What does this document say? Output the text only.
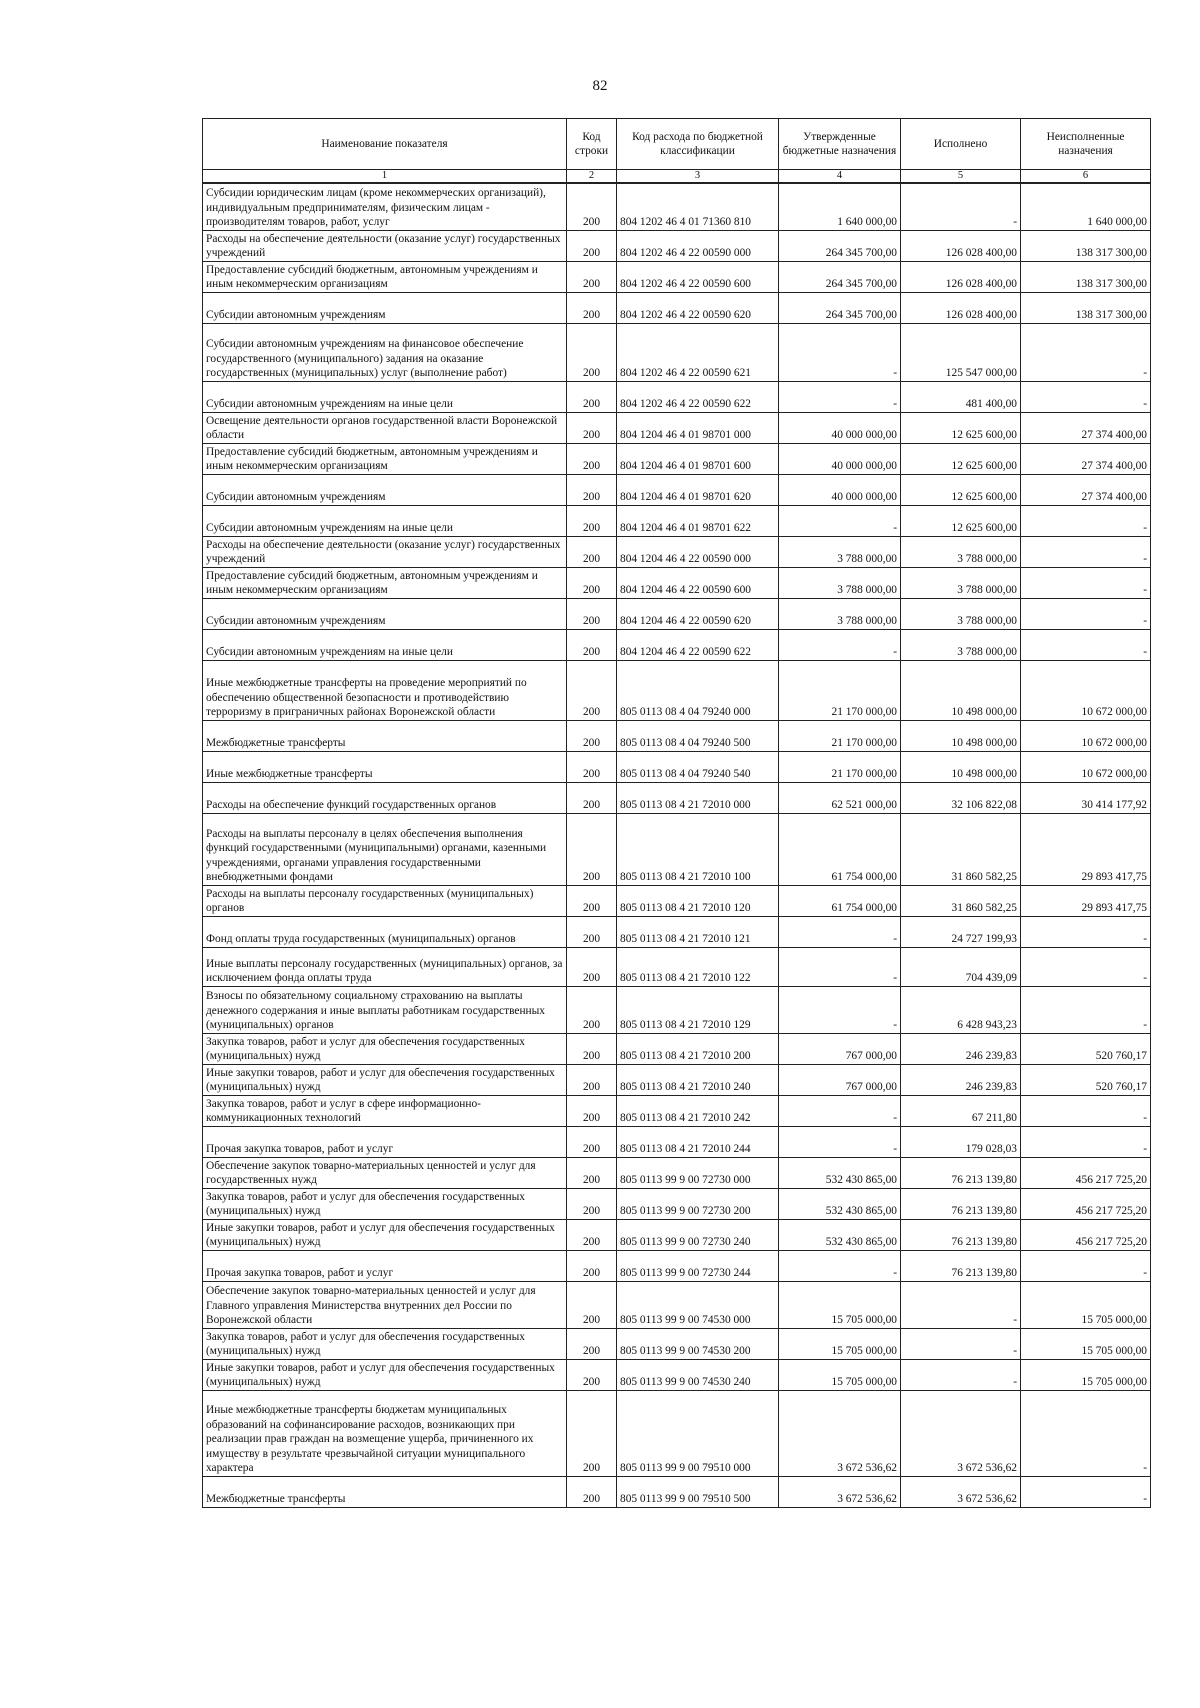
82
Наименование показателя	Код строки	Код расхода по бюджетной классификации	Утвержденные бюджетные назначения	Исполнено	Неисполненные назначения
1	2	3	4	5	6
Субсидии юридическим лицам (кроме некоммерческих организаций), индивидуальным предпринимателям, физическим лицам - производителям товаров, работ, услуг	200	804 1202 46 4 01 71360 810	1 640 000,00	-	1 640 000,00
Расходы на обеспечение деятельности (оказание услуг) государственных учреждений	200	804 1202 46 4 22 00590 000	264 345 700,00	126 028 400,00	138 317 300,00
Предоставление субсидий бюджетным, автономным учреждениям и иным некоммерческим организациям	200	804 1202 46 4 22 00590 600	264 345 700,00	126 028 400,00	138 317 300,00
Субсидии автономным учреждениям	200	804 1202 46 4 22 00590 620	264 345 700,00	126 028 400,00	138 317 300,00
Субсидии автономным учреждениям на финансовое обеспечение государственного (муниципального) задания на оказание государственных (муниципальных) услуг (выполнение работ)	200	804 1202 46 4 22 00590 621	-	125 547 000,00	-
Субсидии автономным учреждениям на иные цели	200	804 1202 46 4 22 00590 622	-	481 400,00	-
Освещение деятельности органов государственной власти Воронежской области	200	804 1204 46 4 01 98701 000	40 000 000,00	12 625 600,00	27 374 400,00
Предоставление субсидий бюджетным, автономным учреждениям и иным некоммерческим организациям	200	804 1204 46 4 01 98701 600	40 000 000,00	12 625 600,00	27 374 400,00
Субсидии автономным учреждениям	200	804 1204 46 4 01 98701 620	40 000 000,00	12 625 600,00	27 374 400,00
Субсидии автономным учреждениям на иные цели	200	804 1204 46 4 01 98701 622	-	12 625 600,00	-
Расходы на обеспечение деятельности (оказание услуг) государственных учреждений	200	804 1204 46 4 22 00590 000	3 788 000,00	3 788 000,00	-
Предоставление субсидий бюджетным, автономным учреждениям и иным некоммерческим организациям	200	804 1204 46 4 22 00590 600	3 788 000,00	3 788 000,00	-
Субсидии автономным учреждениям	200	804 1204 46 4 22 00590 620	3 788 000,00	3 788 000,00	-
Субсидии автономным учреждениям на иные цели	200	804 1204 46 4 22 00590 622	-	3 788 000,00	-
Иные межбюджетные трансферты на проведение мероприятий по обеспечению общественной безопасности и противодействию терроризму в приграничных районах Воронежской области	200	805 0113 08 4 04 79240 000	21 170 000,00	10 498 000,00	10 672 000,00
Межбюджетные трансферты	200	805 0113 08 4 04 79240 500	21 170 000,00	10 498 000,00	10 672 000,00
Иные межбюджетные трансферты	200	805 0113 08 4 04 79240 540	21 170 000,00	10 498 000,00	10 672 000,00
Расходы на обеспечение функций государственных органов	200	805 0113 08 4 21 72010 000	62 521 000,00	32 106 822,08	30 414 177,92
Расходы на выплаты персоналу в целях обеспечения выполнения функций государственными (муниципальными) органами, казенными учреждениями, органами управления государственными внебюджетными фондами	200	805 0113 08 4 21 72010 100	61 754 000,00	31 860 582,25	29 893 417,75
Расходы на выплаты персоналу государственных (муниципальных) органов	200	805 0113 08 4 21 72010 120	61 754 000,00	31 860 582,25	29 893 417,75
Фонд оплаты труда государственных (муниципальных) органов	200	805 0113 08 4 21 72010 121	-	24 727 199,93	-
Иные выплаты персоналу государственных (муниципальных) органов, за исключением фонда оплаты труда	200	805 0113 08 4 21 72010 122	-	704 439,09	-
Взносы по обязательному социальному страхованию на выплаты денежного содержания и иные выплаты работникам государственных (муниципальных) органов	200	805 0113 08 4 21 72010 129	-	6 428 943,23	-
Закупка товаров, работ и услуг для обеспечения государственных (муниципальных) нужд	200	805 0113 08 4 21 72010 200	767 000,00	246 239,83	520 760,17
Иные закупки товаров, работ и услуг для обеспечения государственных (муниципальных) нужд	200	805 0113 08 4 21 72010 240	767 000,00	246 239,83	520 760,17
Закупка товаров, работ и услуг в сфере информационно-коммуникационных технологий	200	805 0113 08 4 21 72010 242	-	67 211,80	-
Прочая закупка товаров, работ и услуг	200	805 0113 08 4 21 72010 244	-	179 028,03	-
Обеспечение закупок товарно-материальных ценностей и услуг для государственных нужд	200	805 0113 99 9 00 72730 000	532 430 865,00	76 213 139,80	456 217 725,20
Закупка товаров, работ и услуг для обеспечения государственных (муниципальных) нужд	200	805 0113 99 9 00 72730 200	532 430 865,00	76 213 139,80	456 217 725,20
Иные закупки товаров, работ и услуг для обеспечения государственных (муниципальных) нужд	200	805 0113 99 9 00 72730 240	532 430 865,00	76 213 139,80	456 217 725,20
Прочая закупка товаров, работ и услуг	200	805 0113 99 9 00 72730 244	-	76 213 139,80	-
Обеспечение закупок товарно-материальных ценностей и услуг для Главного управления Министерства внутренних дел России по Воронежской области	200	805 0113 99 9 00 74530 000	15 705 000,00	-	15 705 000,00
Закупка товаров, работ и услуг для обеспечения государственных (муниципальных) нужд	200	805 0113 99 9 00 74530 200	15 705 000,00	-	15 705 000,00
Иные закупки товаров, работ и услуг для обеспечения государственных (муниципальных) нужд	200	805 0113 99 9 00 74530 240	15 705 000,00	-	15 705 000,00
Иные межбюджетные трансферты бюджетам муниципальных образований на софинансирование расходов, возникающих при реализации прав граждан на возмещение ущерба, причиненного их имуществу в результате чрезвычайной ситуации муниципального характера	200	805 0113 99 9 00 79510 000	3 672 536,62	3 672 536,62	-
Межбюджетные трансферты	200	805 0113 99 9 00 79510 500	3 672 536,62	3 672 536,62	-
